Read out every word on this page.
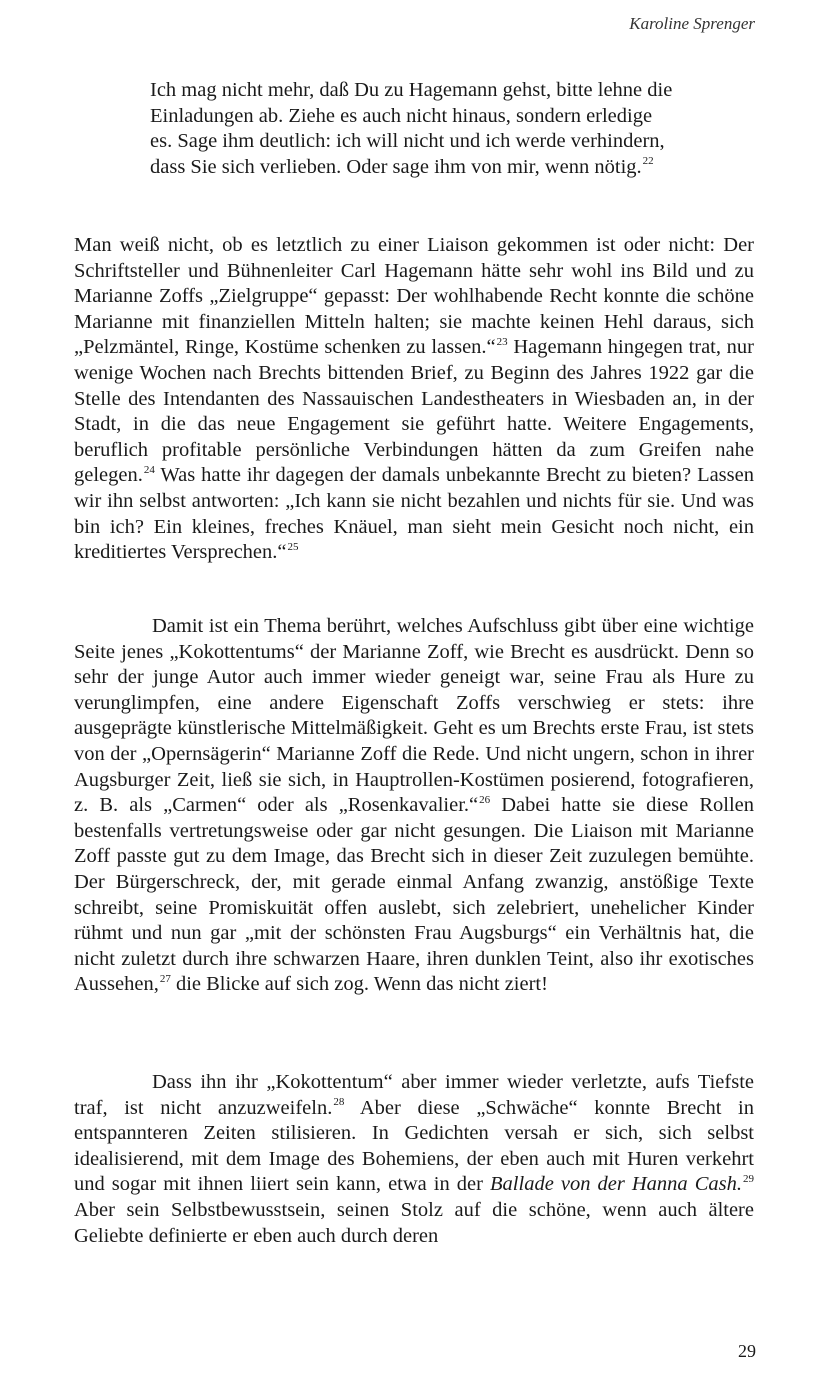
Karoline Sprenger
Ich mag nicht mehr, daß Du zu Hagemann gehst, bitte lehne die Einladungen ab. Ziehe es auch nicht hinaus, sondern erledige es. Sage ihm deutlich: ich will nicht und ich werde verhindern, dass Sie sich verlieben. Oder sage ihm von mir, wenn nötig.$^{22}$
Man weiß nicht, ob es letztlich zu einer Liaison gekommen ist oder nicht: Der Schriftsteller und Bühnenleiter Carl Hagemann hätte sehr wohl ins Bild und zu Marianne Zoffs „Zielgruppe“ gepasst: Der wohlhabende Recht konnte die schöne Marianne mit finanziellen Mitteln halten; sie machte keinen Hehl daraus, sich „Pelzmäntel, Ringe, Kostüme schenken zu lassen.“$^{23}$ Hagemann hingegen trat, nur wenige Wochen nach Brechts bittenden Brief, zu Beginn des Jahres 1922 gar die Stelle des Intendanten des Nassauischen Landestheaters in Wiesbaden an, in der Stadt, in die das neue Engagement sie geführt hatte. Weitere Engagements, beruflich profitable persönliche Verbindungen hätten da zum Greifen nahe gelegen.$^{24}$ Was hatte ihr dagegen der damals unbekannte Brecht zu bieten? Lassen wir ihn selbst antworten: „Ich kann sie nicht bezahlen und nichts für sie. Und was bin ich? Ein kleines, freches Knäuel, man sieht mein Gesicht noch nicht, ein kreditiertes Versprechen.“$^{25}$
Damit ist ein Thema berührt, welches Aufschluss gibt über eine wichtige Seite jenes „Kokottentums“ der Marianne Zoff, wie Brecht es ausdrückt. Denn so sehr der junge Autor auch immer wieder geneigt war, seine Frau als Hure zu verunglimpfen, eine andere Eigenschaft Zoffs verschwieg er stets: ihre ausgeprägte künstlerische Mittelmäßigkeit. Geht es um Brechts erste Frau, ist stets von der „Opernsägerin“ Marianne Zoff die Rede. Und nicht ungern, schon in ihrer Augsburger Zeit, ließ sie sich, in Hauptrollen-Kostümen posierend, fotografieren, z. B. als „Carmen“ oder als „Rosenkavalier.“$^{26}$ Dabei hatte sie diese Rollen bestenfalls vertretungsweise oder gar nicht gesungen. Die Liaison mit Marianne Zoff passte gut zu dem Image, das Brecht sich in dieser Zeit zuzulegen bemühte. Der Bürgerschreck, der, mit gerade einmal Anfang zwanzig, anstößige Texte schreibt, seine Promiskuität offen auslebt, sich zelebriert, unehelicher Kinder rühmt und nun gar „mit der schönsten Frau Augsburgs“ ein Verhältnis hat, die nicht zuletzt durch ihre schwarzen Haare, ihren dunklen Teint, also ihr exotisches Aussehen,$^{27}$ die Blicke auf sich zog. Wenn das nicht ziert!
Dass ihn ihr „Kokottentum“ aber immer wieder verletzte, aufs Tiefste traf, ist nicht anzuzweifeln.$^{28}$ Aber diese „Schwäche“ konnte Brecht in entspannteren Zeiten stilisieren. In Gedichten versah er sich, sich selbst idealisierend, mit dem Image des Bohemiens, der eben auch mit Huren verkehrt und sogar mit ihnen liiert sein kann, etwa in der Ballade von der Hanna Cash.$^{29}$ Aber sein Selbstbewusstsein, seinen Stolz auf die schöne, wenn auch ältere Geliebte definierte er eben auch durch deren
29
